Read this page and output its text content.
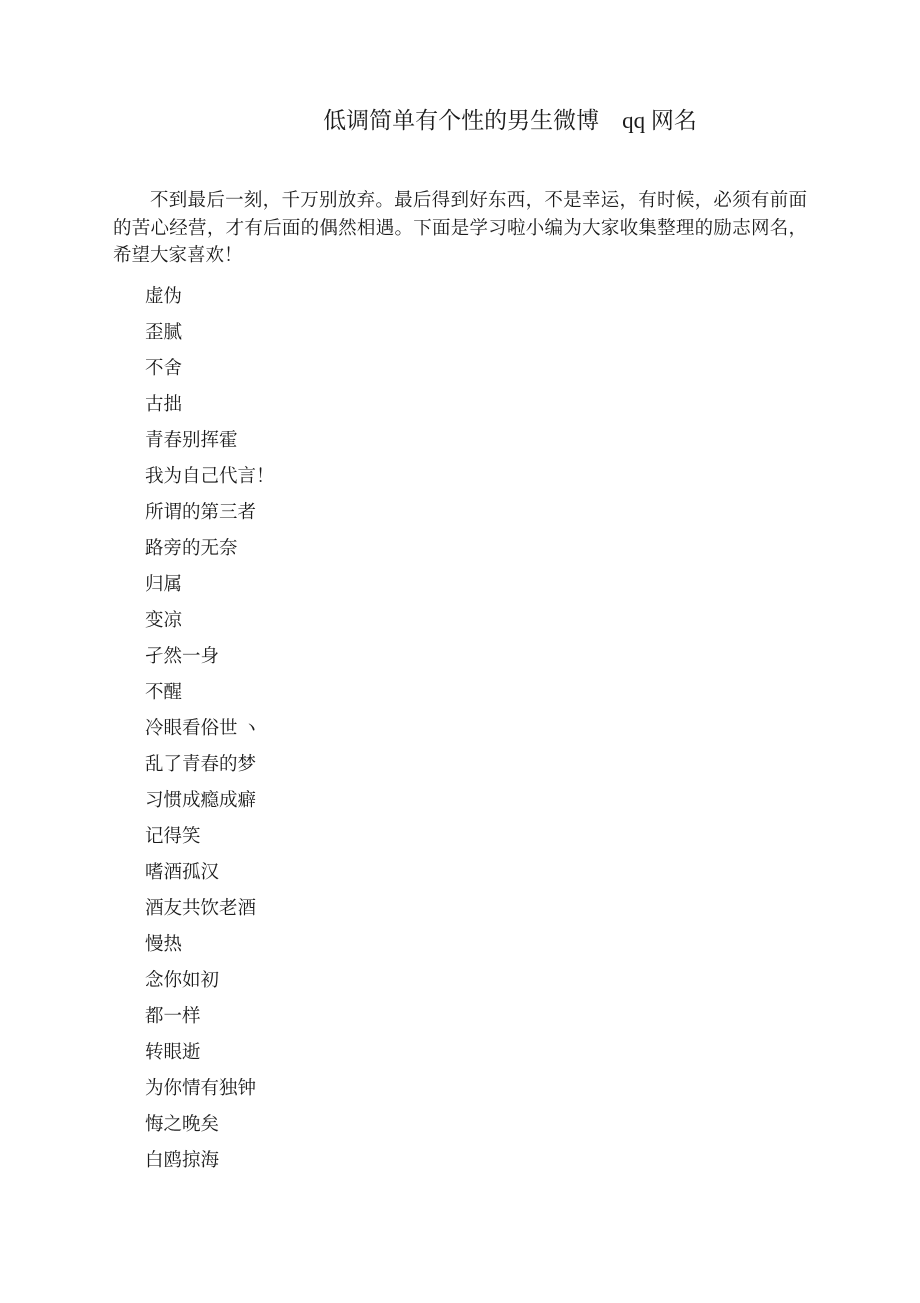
低调简单有个性的男生微博　qq 网名

不到最后一刻，千万别放弃。最后得到好东西，不是幸运，有时候，必须有前面的苦心经营，才有后面的偶然相遇。下面是学习啦小编为大家收集整理的励志网名，希望大家喜欢！

虚伪

歪腻

不舍

古拙

青春别挥霍

我为自己代言！

所谓的第三者

路旁的无奈

归属

变凉

孑然一身

不醒

冷眼看俗世 ヽ

乱了青春的梦

习惯成瘾成癖

记得笑

嗜酒孤汉

酒友共饮老酒

慢热

念你如初

都一样

转眼逝

为你情有独钟

悔之晚矣

白鸥掠海
